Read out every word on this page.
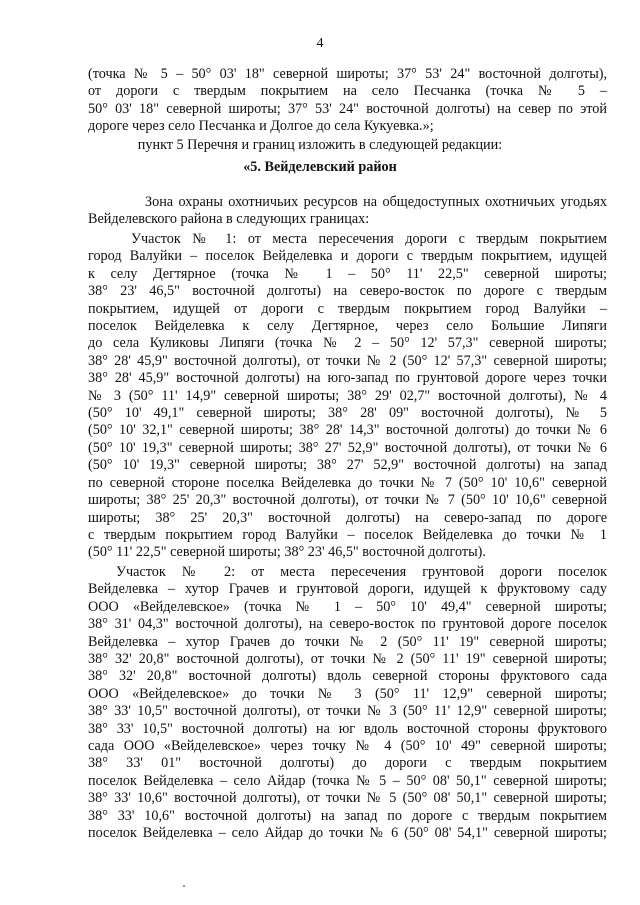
4
(точка № 5 – 50° 03' 18" северной широты; 37° 53' 24" восточной долготы),
от дороги с твердым покрытием на село Песчанка (точка № 5 –
50° 03' 18" северной широты; 37° 53' 24" восточной долготы) на север по этой
дороге через село Песчанка и Долгое до села Кукуевка.»;
пункт 5 Перечня и границ изложить в следующей редакции:
«5. Вейделевский район
Зона охраны охотничьих ресурсов на общедоступных охотничьих угодьях
Вейделевского района в следующих границах:
Участок № 1: от места пересечения дороги с твердым покрытием
город Валуйки – поселок Вейделевка и дороги с твердым покрытием, идущей
к селу Дегтярное (точка № 1 – 50° 11' 22,5" северной широты;
38° 23' 46,5" восточной долготы) на северо-восток по дороге с твердым
покрытием, идущей от дороги с твердым покрытием город Валуйки –
поселок Вейделевка к селу Дегтярное, через село Большие Липяги
до села Куликовы Липяги (точка № 2 – 50° 12' 57,3" северной широты;
38° 28' 45,9" восточной долготы), от точки № 2 (50° 12' 57,3" северной широты;
38° 28' 45,9" восточной долготы) на юго-запад по грунтовой дороге через точки
№ 3 (50° 11' 14,9" северной широты; 38° 29' 02,7" восточной долготы), № 4
(50° 10' 49,1" северной широты; 38° 28' 09" восточной долготы), № 5
(50° 10' 32,1" северной широты; 38° 28' 14,3" восточной долготы) до точки № 6
(50° 10' 19,3" северной широты; 38° 27' 52,9" восточной долготы), от точки № 6
(50° 10' 19,3" северной широты; 38° 27' 52,9" восточной долготы) на запад
по северной стороне поселка Вейделевка до точки № 7 (50° 10' 10,6" северной
широты; 38° 25' 20,3" восточной долготы), от точки № 7 (50° 10' 10,6" северной
широты; 38° 25' 20,3" восточной долготы) на северо-запад по дороге
с твердым покрытием город Валуйки – поселок Вейделевка до точки № 1
(50° 11' 22,5" северной широты; 38° 23' 46,5" восточной долготы).
Участок № 2: от места пересечения грунтовой дороги поселок
Вейделевка – хутор Грачев и грунтовой дороги, идущей к фруктовому саду
ООО «Вейделевское» (точка № 1 – 50° 10' 49,4" северной широты;
38° 31' 04,3" восточной долготы), на северо-восток по грунтовой дороге поселок
Вейделевка – хутор Грачев до точки № 2 (50° 11' 19" северной широты;
38° 32' 20,8" восточной долготы), от точки № 2 (50° 11' 19" северной широты;
38° 32' 20,8" восточной долготы) вдоль северной стороны фруктового сада
ООО «Вейделевское» до точки № 3 (50° 11' 12,9" северной широты;
38° 33' 10,5" восточной долготы), от точки № 3 (50° 11' 12,9" северной широты;
38° 33' 10,5" восточной долготы) на юг вдоль восточной стороны фруктового
сада ООО «Вейделевское» через точку № 4 (50° 10' 49" северной широты;
38° 33' 01" восточной долготы) до дороги с твердым покрытием
поселок Вейделевка – село Айдар (точка № 5 – 50° 08' 50,1" северной широты;
38° 33' 10,6" восточной долготы), от точки № 5 (50° 08' 50,1" северной широты;
38° 33' 10,6" восточной долготы) на запад по дороге с твердым покрытием
поселок Вейделевка – село Айдар до точки № 6 (50° 08' 54,1" северной широты;
